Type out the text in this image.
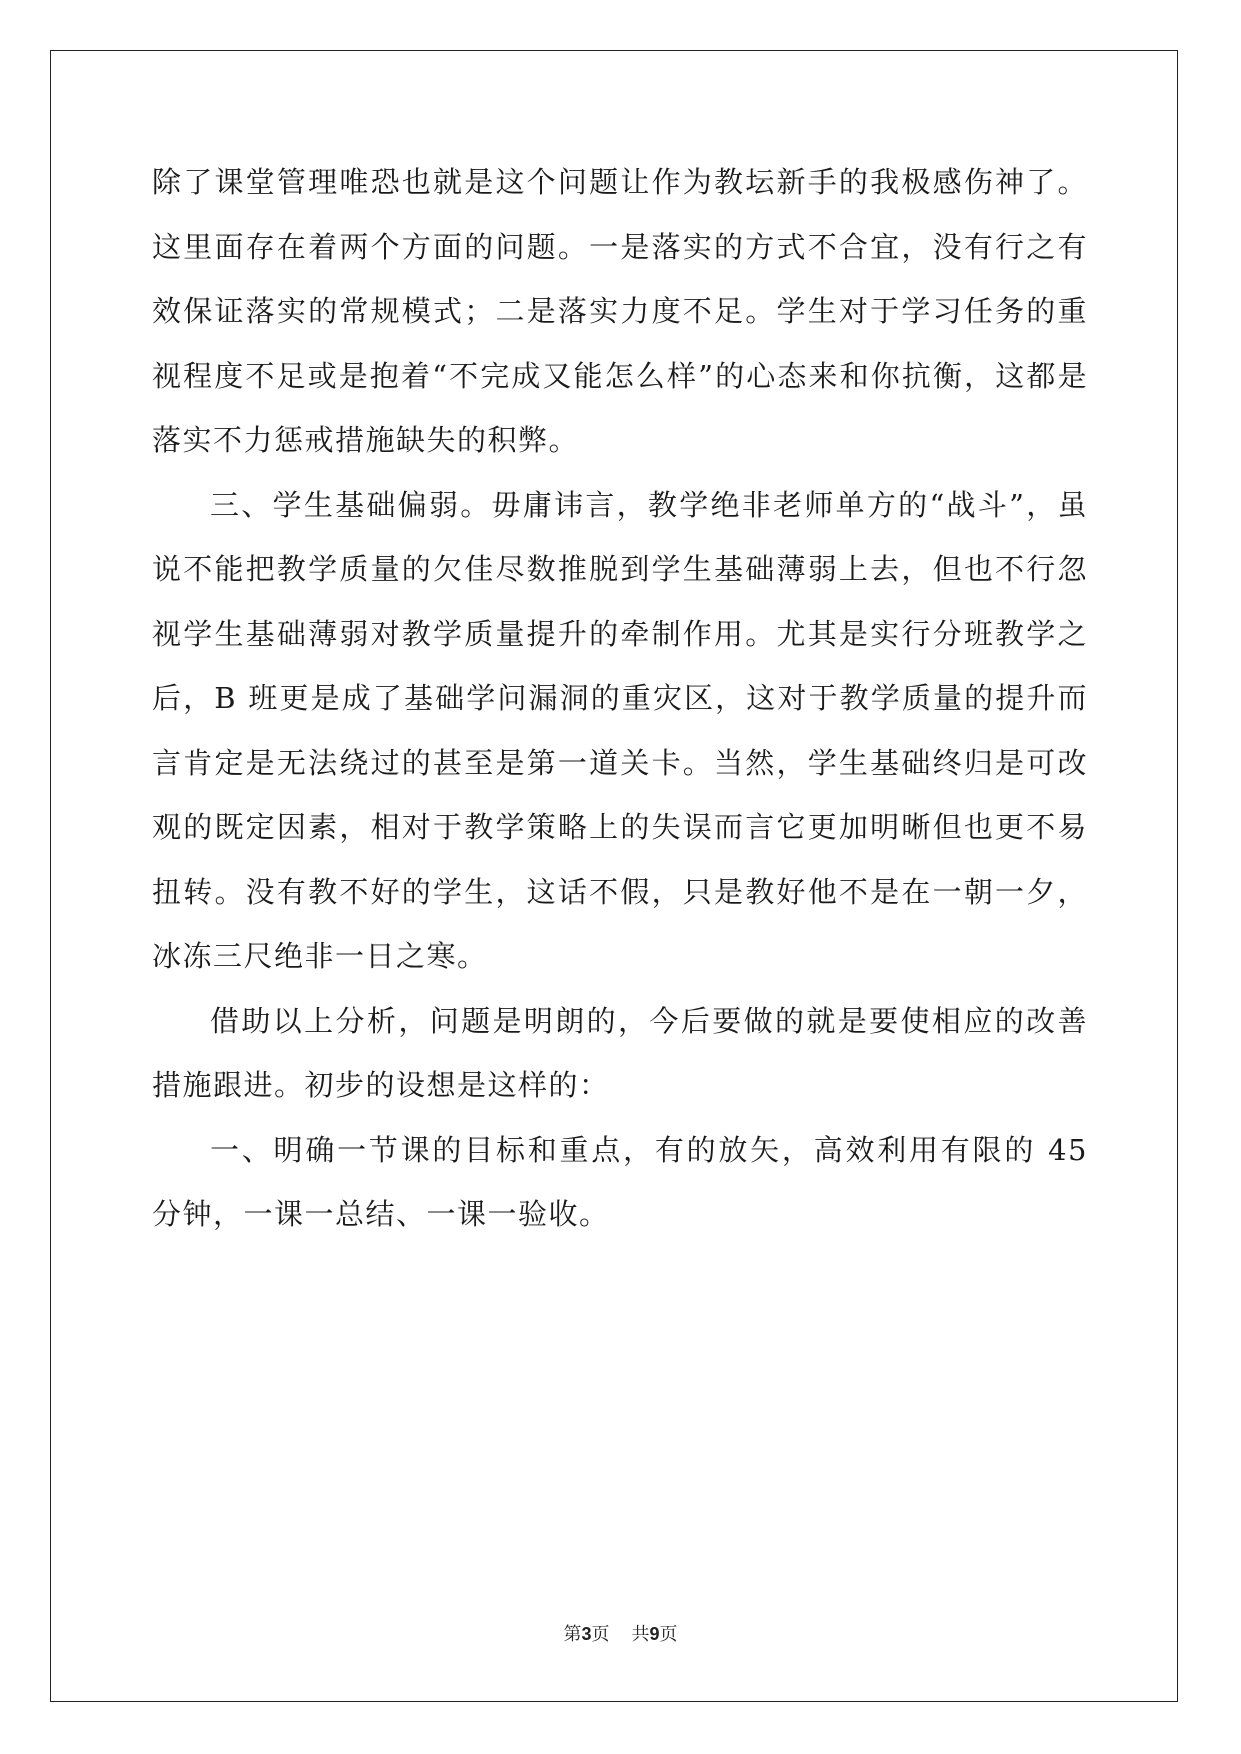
除了课堂管理唯恐也就是这个问题让作为教坛新手的我极感伤神了。这里面存在着两个方面的问题。一是落实的方式不合宜，没有行之有效保证落实的常规模式；二是落实力度不足。学生对于学习任务的重视程度不足或是抱着“不完成又能怎么样”的心态来和你抗衡，这都是落实不力惩戒措施缺失的积弊。

三、学生基础偏弱。毋庸讳言，教学绝非老师单方的“战斗”，虽说不能把教学质量的欠佳尽数推脱到学生基础薄弱上去，但也不行忽视学生基础薄弱对教学质量提升的牵制作用。尤其是实行分班教学之后，B 班更是成了基础学问漏洞的重灾区，这对于教学质量的提升而言肯定是无法绕过的甚至是第一道关卡。当然，学生基础终归是可改观的既定因素，相对于教学策略上的失误而言它更加明晰但也更不易扭转。没有教不好的学生，这话不假，只是教好他不是在一朝一夕，冰冻三尺绝非一日之寒。

借助以上分析，问题是明朗的，今后要做的就是要使相应的改善措施跟进。初步的设想是这样的：

一、明确一节课的目标和重点，有的放矢，高效利用有限的 45 分钟，一课一总结、一课一验收。

第3页 共9页
